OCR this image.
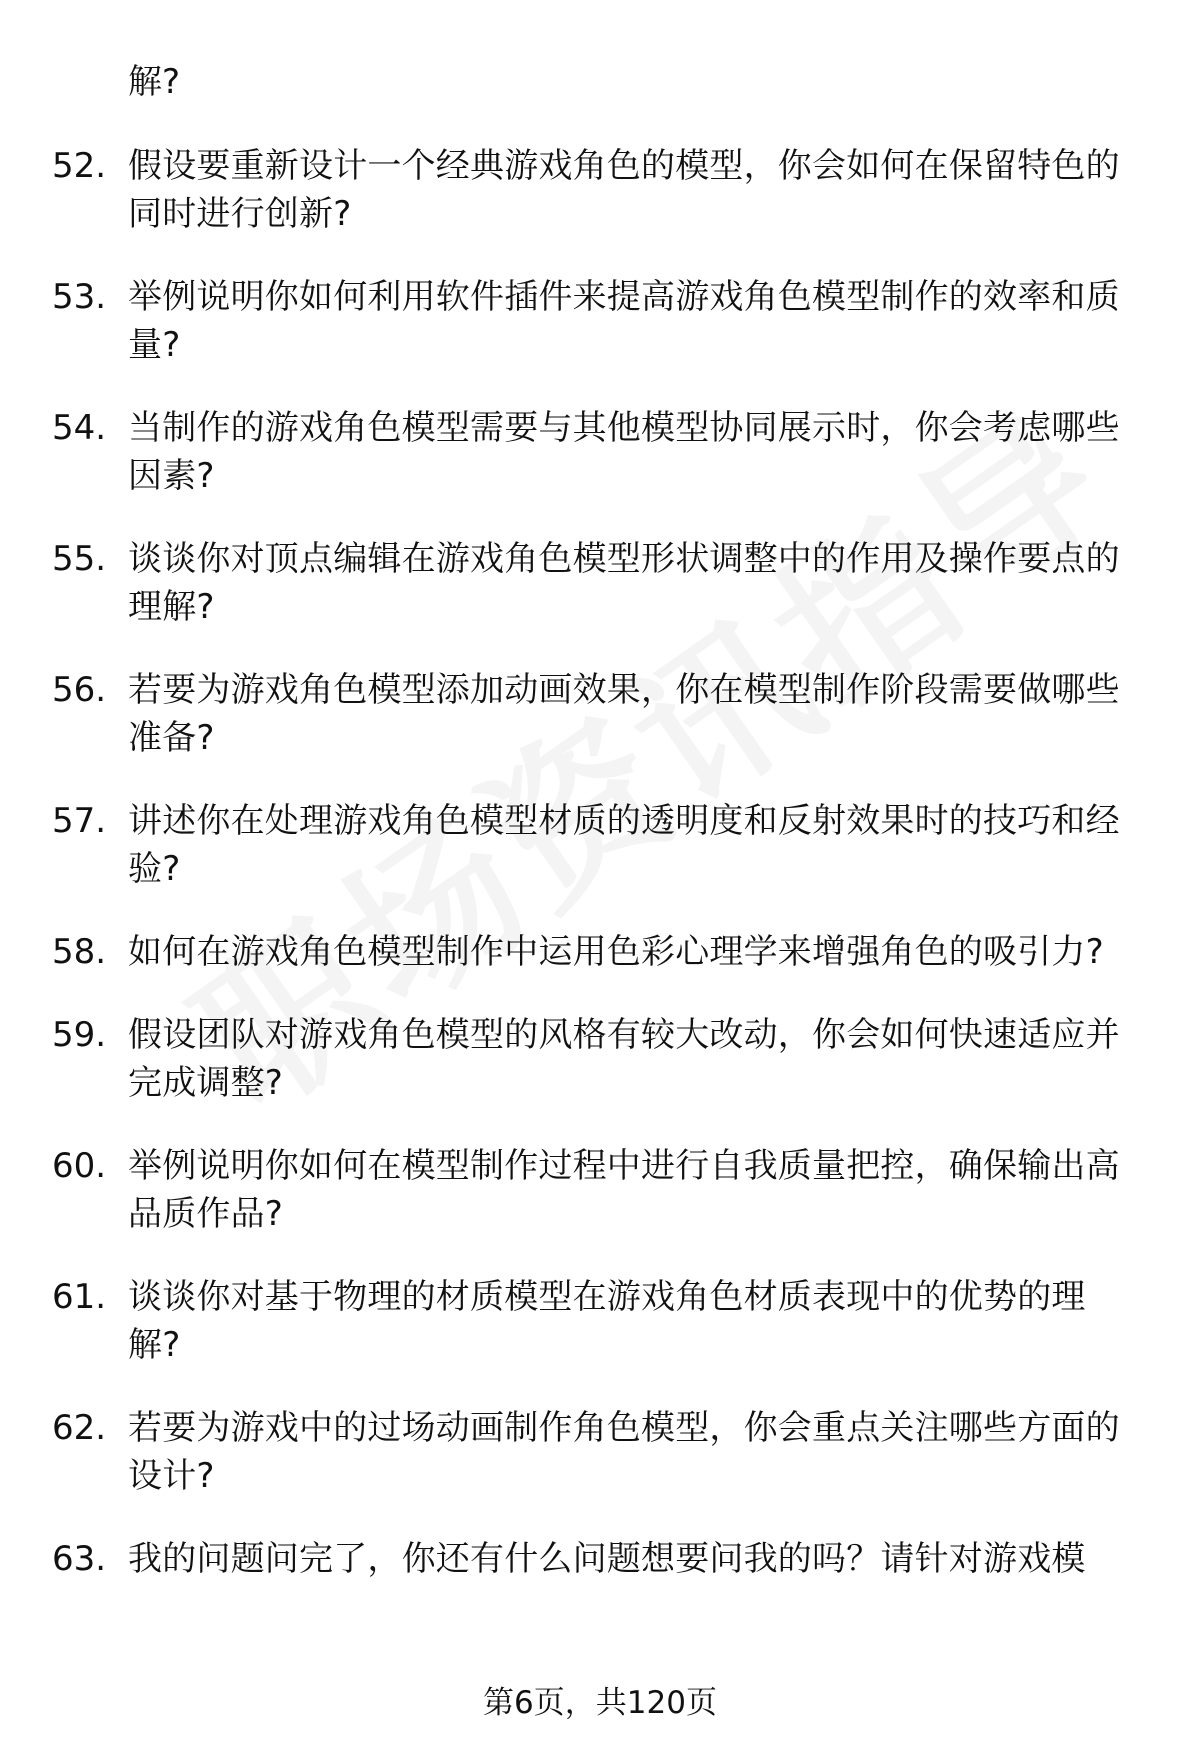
解?
52. 假设要重新设计一个经典游戏角色的模型，你会如何在保留特色的同时进行创新?
53. 举例说明你如何利用软件插件来提高游戏角色模型制作的效率和质量?
54. 当制作的游戏角色模型需要与其他模型协同展示时，你会考虑哪些因素?
55. 谈谈你对顶点编辑在游戏角色模型形状调整中的作用及操作要点的理解?
56. 若要为游戏角色模型添加动画效果，你在模型制作阶段需要做哪些准备?
57. 讲述你在处理游戏角色模型材质的透明度和反射效果时的技巧和经验?
58. 如何在游戏角色模型制作中运用色彩心理学来增强角色的吸引力?
59. 假设团队对游戏角色模型的风格有较大改动，你会如何快速适应并完成调整?
60. 举例说明你如何在模型制作过程中进行自我质量把控，确保输出高品质作品?
61. 谈谈你对基于物理的材质模型在游戏角色材质表现中的优势的理解?
62. 若要为游戏中的过场动画制作角色模型，你会重点关注哪些方面的设计?
63. 我的问题问完了，你还有什么问题想要问我的吗？请针对游戏模
第6页，共120页
